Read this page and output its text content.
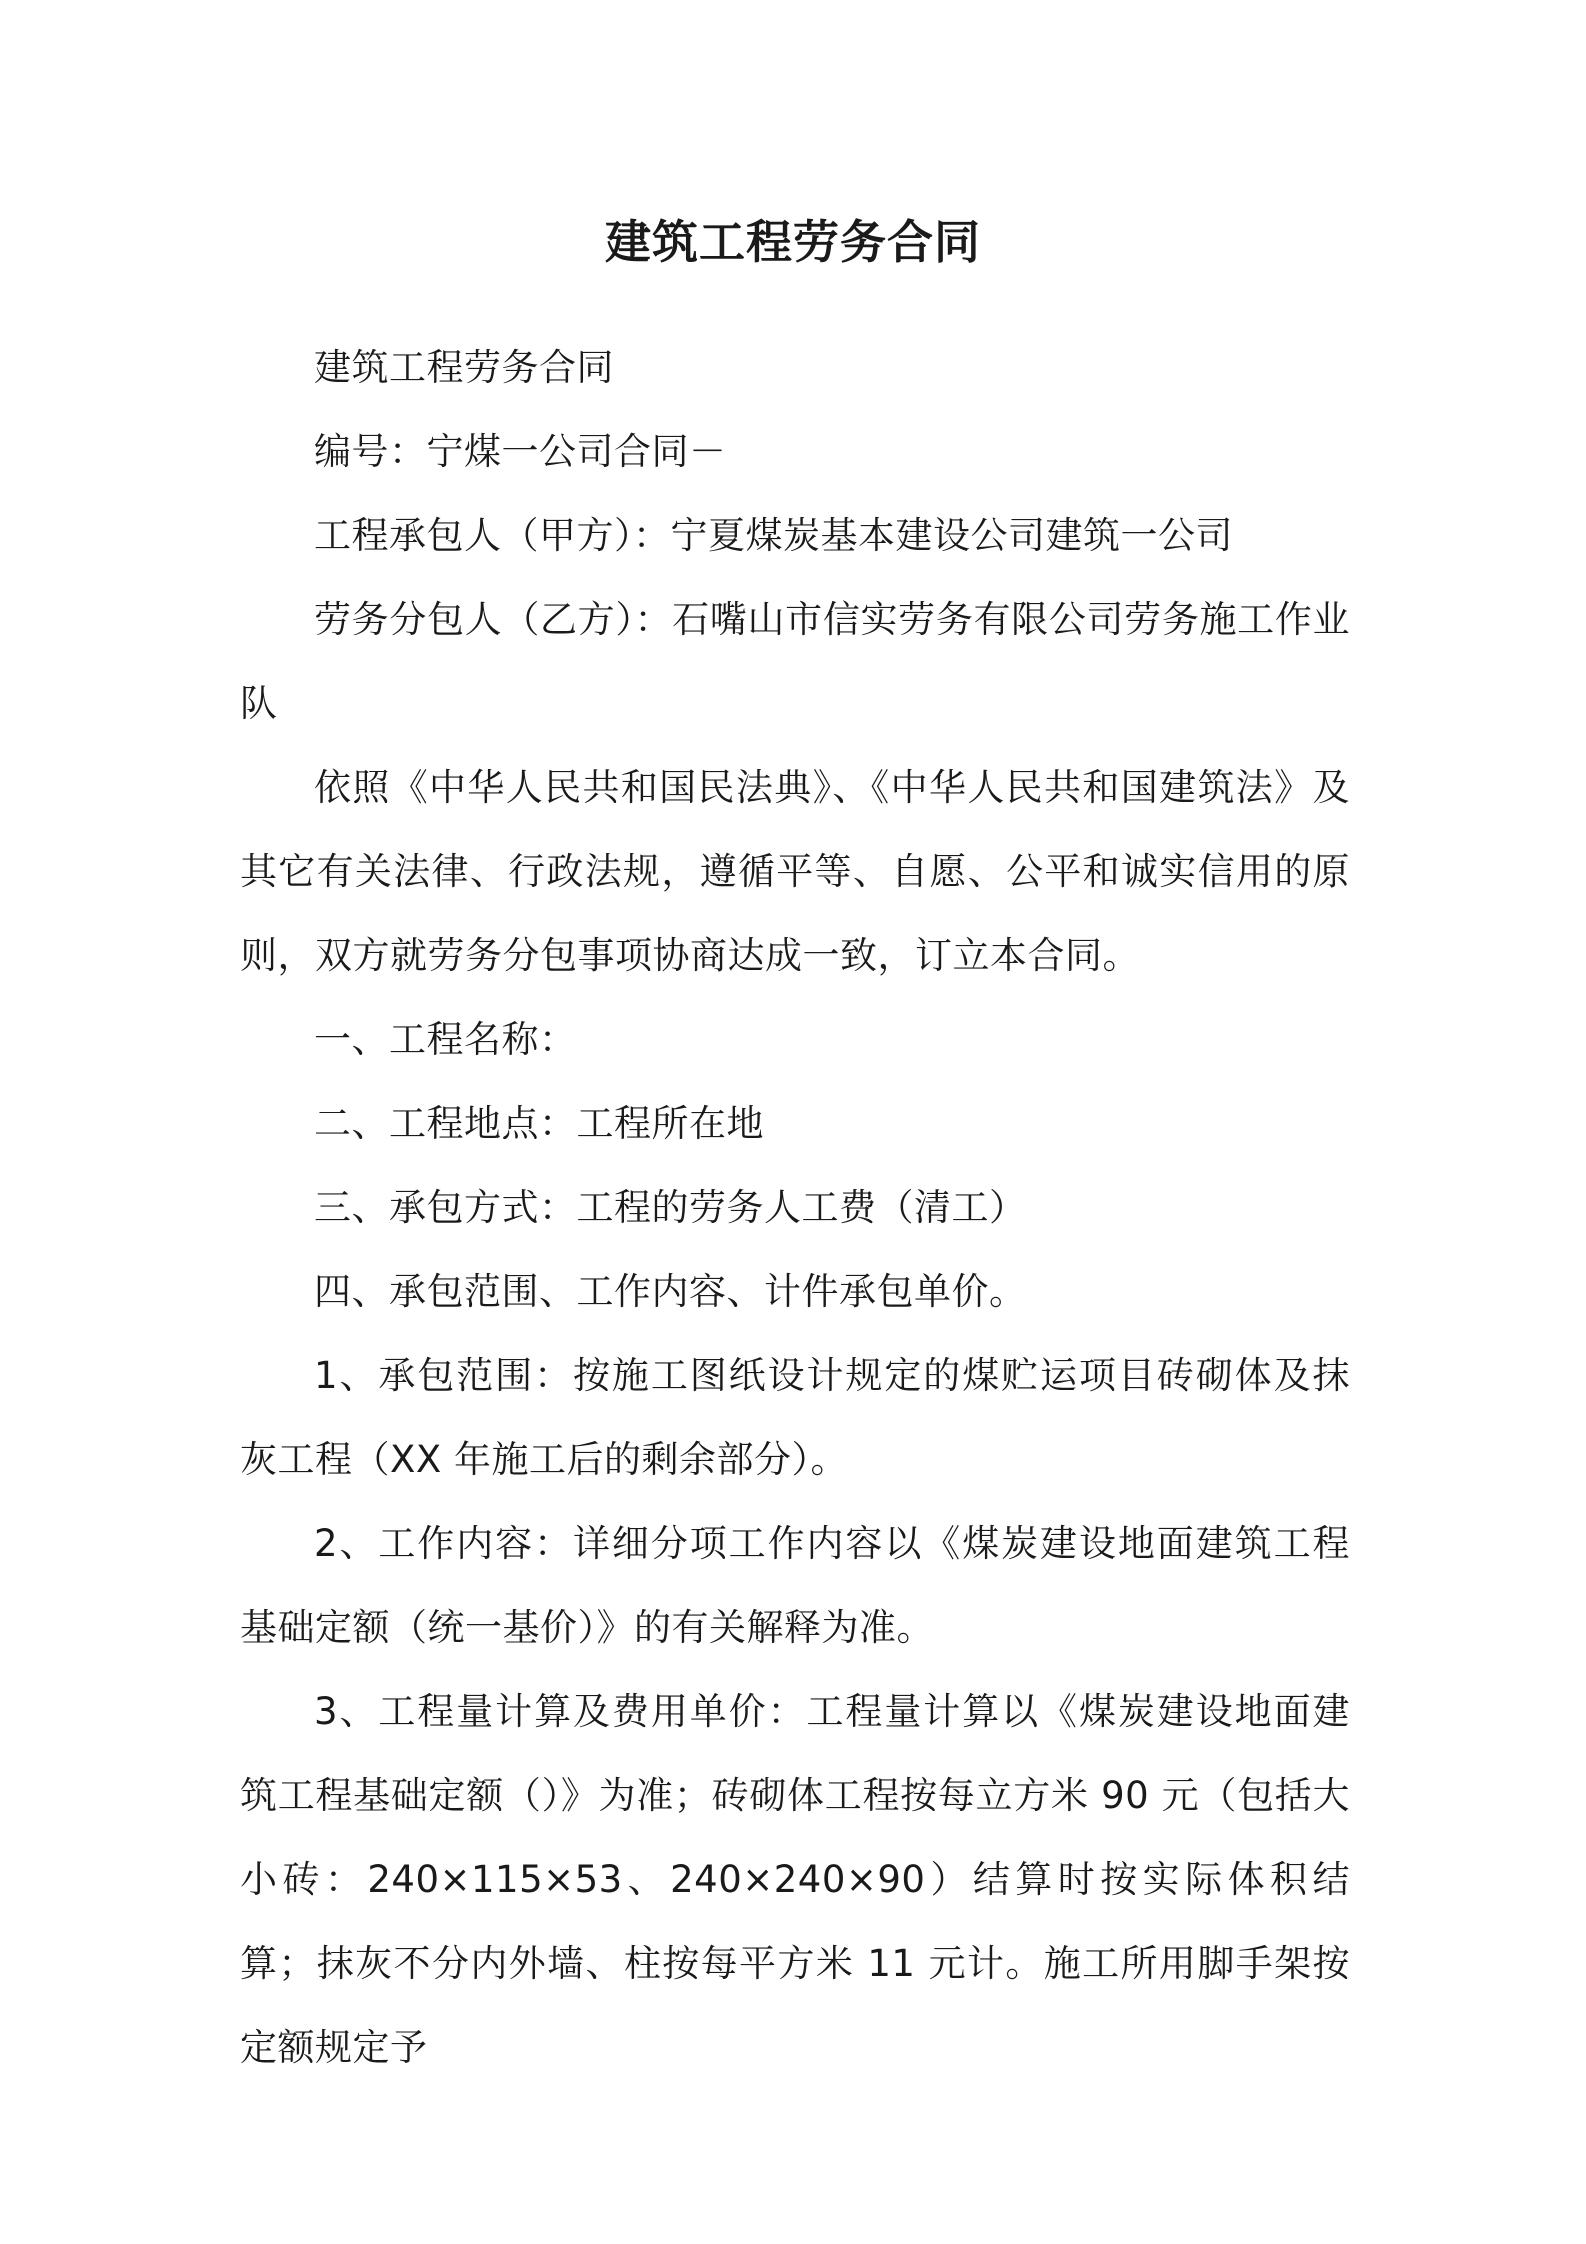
建筑工程劳务合同

建筑工程劳务合同

编号：宁煤一公司合同－

工程承包人（甲方）：宁夏煤炭基本建设公司建筑一公司

劳务分包人（乙方）：石嘴山市信实劳务有限公司劳务施工作业队

依照《中华人民共和国民法典》、《中华人民共和国建筑法》及其它有关法律、行政法规，遵循平等、自愿、公平和诚实信用的原则，双方就劳务分包事项协商达成一致，订立本合同。

一、工程名称：

二、工程地点：工程所在地

三、承包方式：工程的劳务人工费（清工）

四、承包范围、工作内容、计件承包单价。

1、承包范围：按施工图纸设计规定的煤贮运项目砖砌体及抹灰工程（XX 年施工后的剩余部分）。

2、工作内容：详细分项工作内容以《煤炭建设地面建筑工程基础定额（统一基价）》的有关解释为准。

3、工程量计算及费用单价：工程量计算以《煤炭建设地面建筑工程基础定额（）》为准；砖砌体工程按每立方米 90 元（包括大小砖：240×115×53、240×240×90）结算时按实际体积结算；抹灰不分内外墙、柱按每平方米 11 元计。施工所用脚手架按定额规定予
